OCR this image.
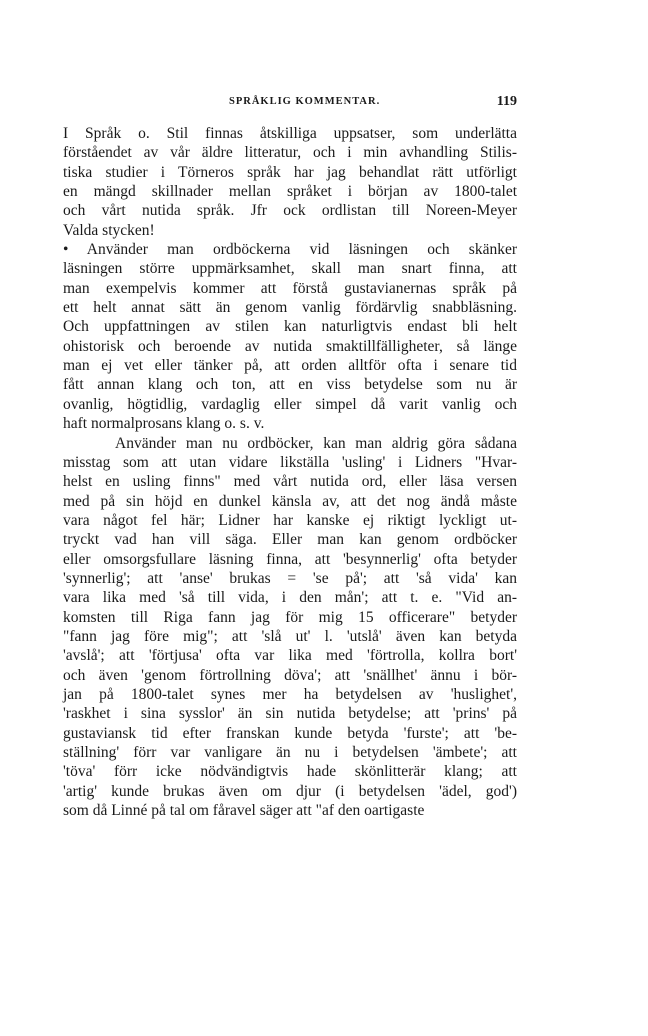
SPRÅKLIG KOMMENTAR.	119
I Språk o. Stil finnas åtskilliga uppsatser, som underlätta
förståendet av vår äldre litteratur, och i min avhandling Stilis-
tiska studier i Törneros språk har jag behandlat rätt utförligt
en mängd skillnader mellan språket i början av 1800-talet
och vårt nutida språk. Jfr ock ordlistan till Noreen-Meyer
Valda stycken!
• Använder man ordböckerna vid läsningen och skänker
läsningen större uppmärksamhet, skall man snart finna, att
man exempelvis kommer att förstå gustavianernas språk på
ett helt annat sätt än genom vanlig fördärvlig snabbläsning.
Och uppfattningen av stilen kan naturligtvis endast bli helt
ohistorisk och beroende av nutida smaktillfälligheter, så länge
man ej vet eller tänker på, att orden alltför ofta i senare tid
fått annan klang och ton, att en viss betydelse som nu är
ovanlig, högtidlig, vardaglig eller simpel då varit vanlig och
haft normalprosans klang o. s. v.
Använder man nu ordböcker, kan man aldrig göra sådana
misstag som att utan vidare likställa 'usling' i Lidners "Hvar-
helst en usling finns" med vårt nutida ord, eller läsa versen
med på sin höjd en dunkel känsla av, att det nog ändå måste
vara något fel här; Lidner har kanske ej riktigt lyckligt ut-
tryckt vad han vill säga. Eller man kan genom ordböcker
eller omsorgsfullare läsning finna, att 'besynnerlig' ofta betyder
'synnerlig'; att 'anse' brukas = 'se på'; att 'så vida' kan
vara lika med 'så till vida, i den mån'; att t. e. "Vid an-
komsten till Riga fann jag för mig 15 officerare" betyder
"fann jag före mig"; att 'slå ut' l. 'utslå' även kan betyda
'avslå'; att 'förtjusa' ofta var lika med 'förtrolla, kollra bort'
och även 'genom förtrollning döva'; att 'snällhet' ännu i bör-
jan på 1800-talet synes mer ha betydelsen av 'huslighet',
'raskhet i sina sysslor' än sin nutida betydelse; att 'prins' på
gustaviansk tid efter franskan kunde betyda 'furste'; att 'be-
ställning' förr var vanligare än nu i betydelsen 'ämbete'; att
'töva' förr icke nödvändigtvis hade skönlitterär klang; att
'artig' kunde brukas även om djur (i betydelsen 'ädel, god')
som då Linné på tal om fåravel säger att "af den oartigaste
